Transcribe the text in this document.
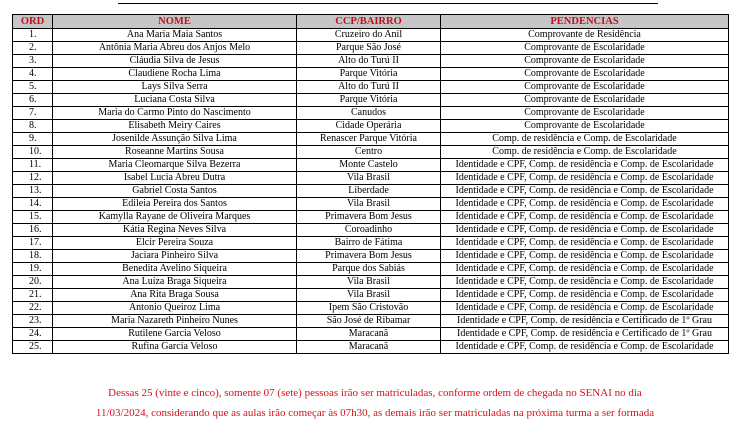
ORD	NOME	CCP/BAIRRO	PENDENCIAS
1.	Ana Maria Maia Santos	Cruzeiro do Anil	Comprovante de Residência
2.	Antônia Maria Abreu dos Anjos Melo	Parque São José	Comprovante de Escolaridade
3.	Cláudia Silva de Jesus	Alto do Turú II	Comprovante de Escolaridade
4.	Claudiene Rocha Lima	Parque Vitória	Comprovante de Escolaridade
5.	Lays Silva Serra	Alto do Turú II	Comprovante de Escolaridade
6.	Luciana Costa Silva	Parque Vitória	Comprovante de Escolaridade
7.	Maria do Carmo Pinto do Nascimento	Canudos	Comprovante de Escolaridade
8.	Elisabeth Meiry Caires	Cidade Operária	Comprovante de Escolaridade
9.	Josenilde Assunção Silva Lima	Renascer Parque Vitória	Comp. de residência e Comp. de Escolaridade
10.	Roseanne Martins Sousa	Centro	Comp. de residência e Comp. de Escolaridade
11.	Maria Cleomarque Silva Bezerra	Monte Castelo	Identidade e CPF, Comp. de residência e Comp. de Escolaridade
12.	Isabel Lucia Abreu Dutra	Vila Brasil	Identidade e CPF, Comp. de residência e Comp. de Escolaridade
13.	Gabriel Costa Santos	Liberdade	Identidade e CPF, Comp. de residência e Comp. de Escolaridade
14.	Edileia Pereira dos Santos	Vila Brasil	Identidade e CPF, Comp. de residência e Comp. de Escolaridade
15.	Kamylla Rayane de Oliveira Marques	Primavera Bom Jesus	Identidade e CPF, Comp. de residência e Comp. de Escolaridade
16.	Kátia Regina Neves Silva	Coroadinho	Identidade e CPF, Comp. de residência e Comp. de Escolaridade
17.	Elcir Pereira Souza	Bairro de Fátima	Identidade e CPF, Comp. de residência e Comp. de Escolaridade
18.	Jaciara Pinheiro Silva	Primavera Bom Jesus	Identidade e CPF, Comp. de residência e Comp. de Escolaridade
19.	Benedita Avelino Siqueira	Parque dos Sabiás	Identidade e CPF, Comp. de residência e Comp. de Escolaridade
20.	Ana Luiza Braga Siqueira	Vila Brasil	Identidade e CPF, Comp. de residência e Comp. de Escolaridade
21.	Ana Rita Braga Sousa	Vila Brasil	Identidade e CPF, Comp. de residência e Comp. de Escolaridade
22.	Antonio Queiroz Lima	Ipem São Cristovão	Identidade e CPF, Comp. de residência e Comp. de Escolaridade
23.	Maria Nazareth Pinheiro Nunes	São José de Ribamar	Identidade e CPF, Comp. de residência e Certificado de 1º Grau
24.	Rutilene Garcia Veloso	Maracanã	Identidade e CPF, Comp. de residência e Certificado de 1º Grau
25.	Rufina Garcia Veloso	Maracanã	Identidade e CPF, Comp. de residência e Comp. de Escolaridade
Dessas 25 (vinte e cinco), somente 07 (sete) pessoas irão ser matriculadas, conforme ordem de chegada no SENAI no dia
11/03/2024, considerando que as aulas irão começar às 07h30, as demais irão ser matriculadas na próxima turma a ser formada
